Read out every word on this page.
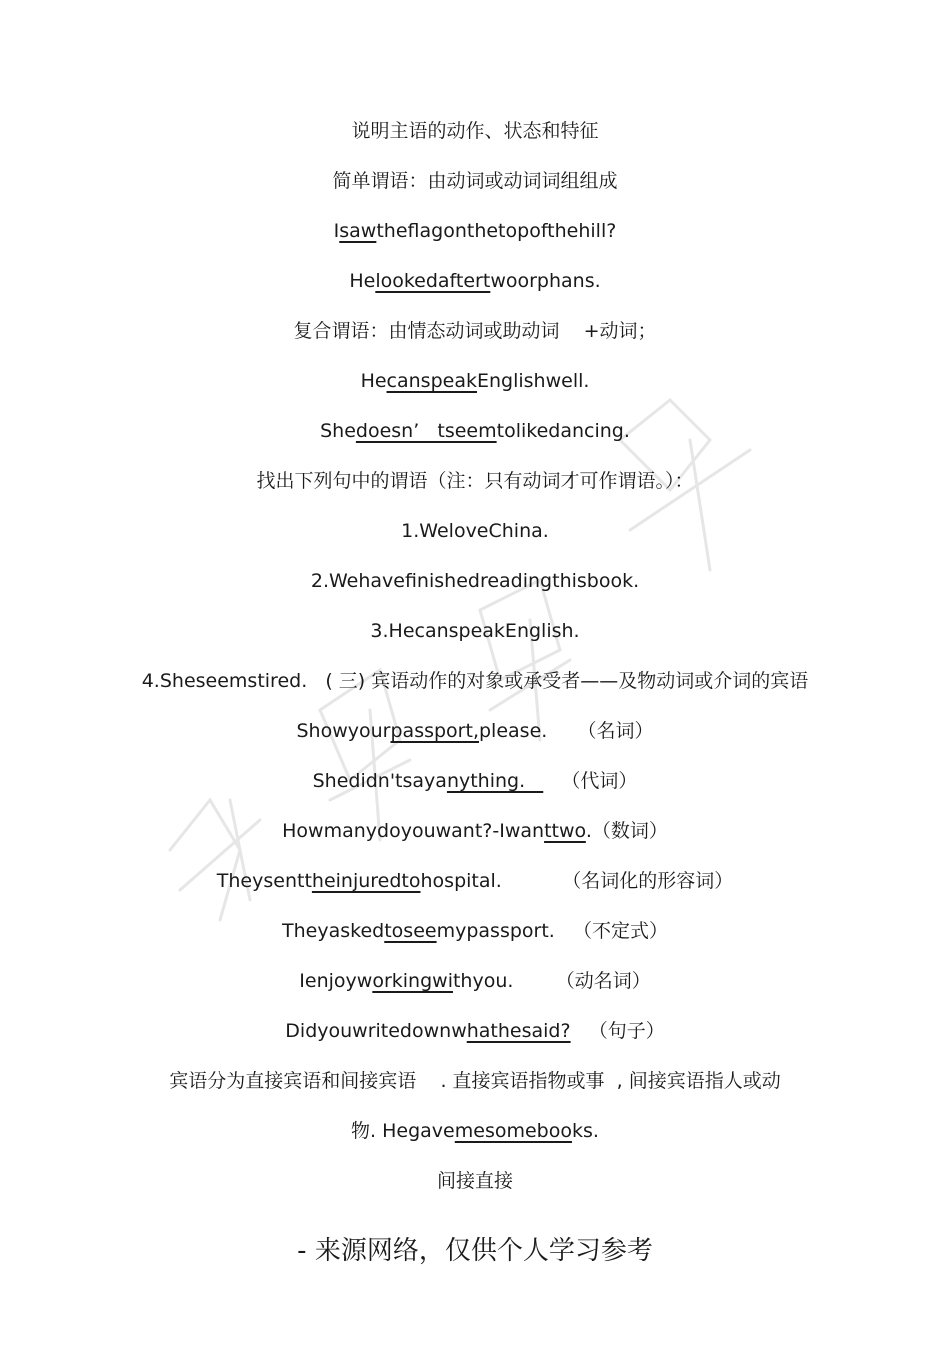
说明主语的动作、状态和特征
简单谓语：由动词或动词词组组成
Isawtheflagonthetopofthehill?
Helookedaftertwoorphans.
复合谓语：由情态动词或助动词    +动词；
HecanspeakEnglishwell.
Shedoesn’   tseemtolikedancing.
找出下列句中的谓语（注：只有动词才可作谓语。）：
1.WeloveChina.
2.Wehavefinishedreadingthisbook.
3.HecanspeakEnglish.
4.Sheseemstired.   ( 三) 宾语动作的对象或承受者——及物动词或介词的宾语
Showyourpassport,please.     （名词）
Shedidn'tsayanything.      （代词）
Howmanydoyouwant?-Iwanttwo.（数词）
Theysenttheinjuredtohospital.          （名词化的形容词）
Theyaskedtoseemypassport.   （不定式）
Ienjoyworkingwithyou.       （动名词）
Didyouwritedownwhathesaid?   （句子）
宾语分为直接宾语和间接宾语    . 直接宾语指物或事  , 间接宾语指人或动
物. Hegavemesomebooks.
间接直接
- 来源网络，仅供个人学习参考
